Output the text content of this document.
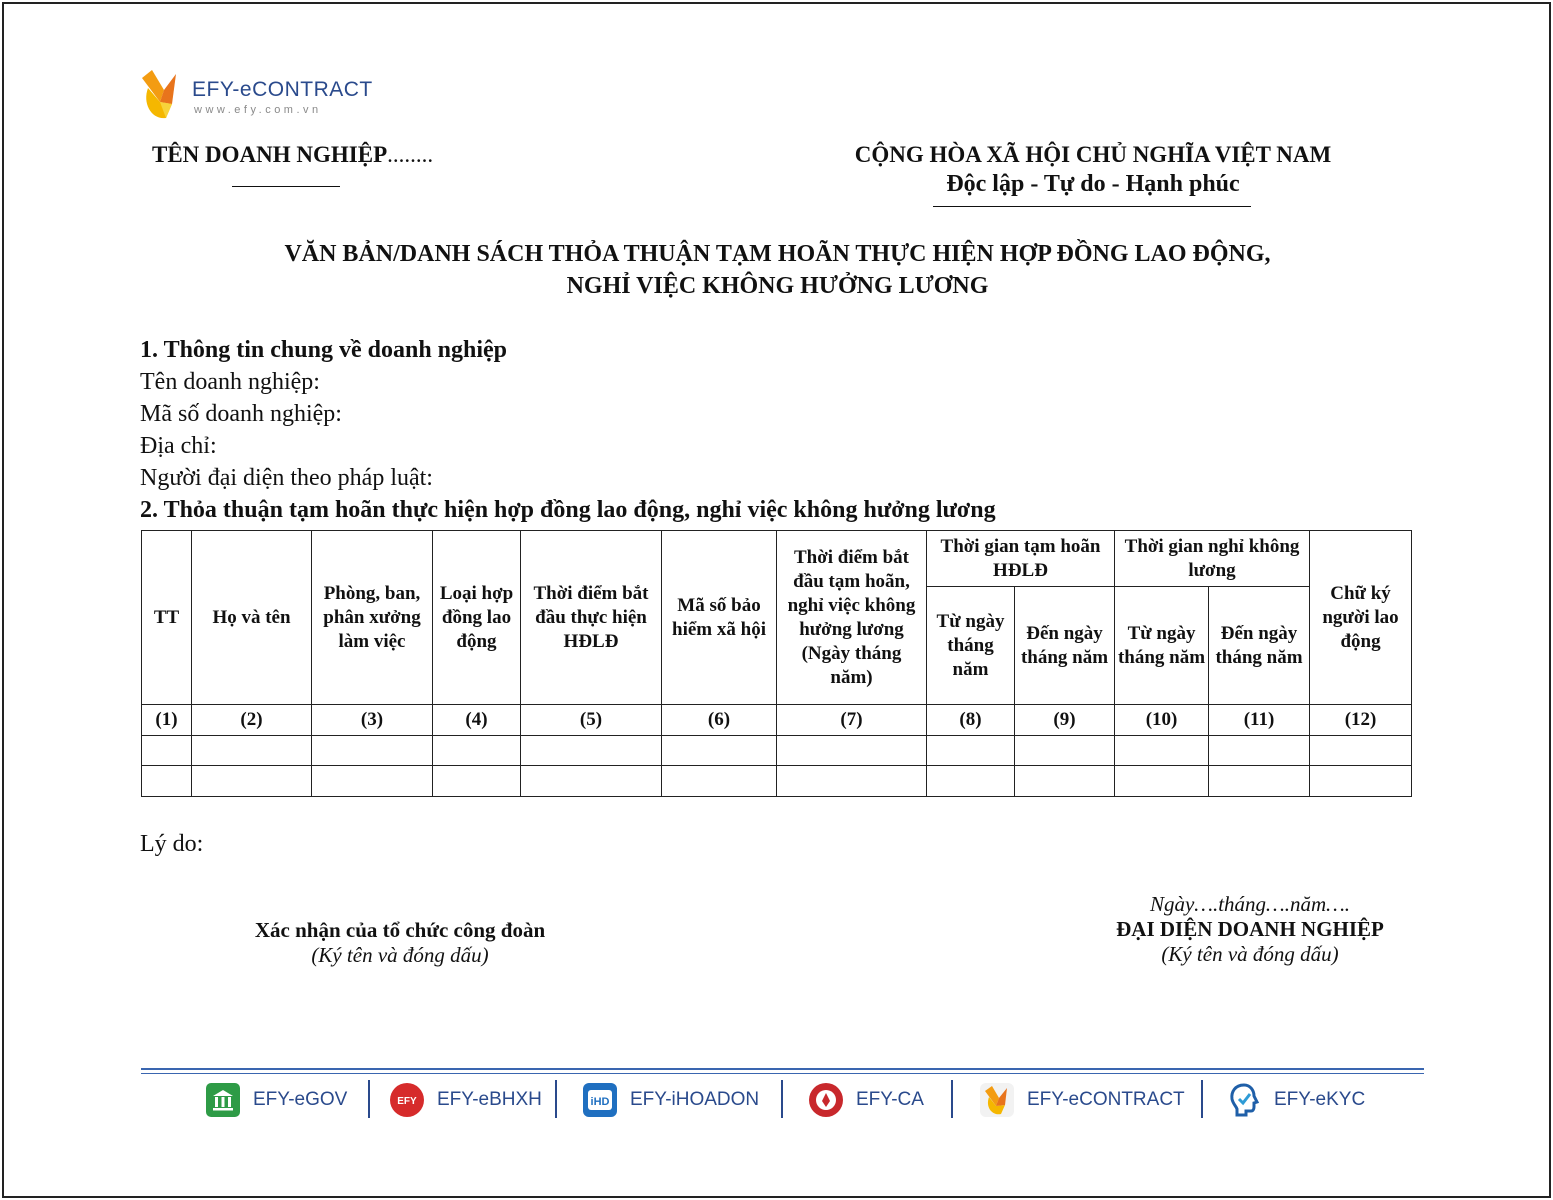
EFY-eCONTRACT
www.efy.com.vn
TÊN DOANH NGHIỆP........	CỘNG HÒA XÃ HỘI CHỦ NGHĨA VIỆT NAM
Độc lập - Tự do - Hạnh phúc
VĂN BẢN/DANH SÁCH THỎA THUẬN TẠM HOÃN THỰC HIỆN HỢP ĐỒNG LAO ĐỘNG,
NGHỈ VIỆC KHÔNG HƯỞNG LƯƠNG
1. Thông tin chung về doanh nghiệp
Tên doanh nghiệp:
Mã số doanh nghiệp:
Địa chỉ:
Người đại diện theo pháp luật:
2. Thỏa thuận tạm hoãn thực hiện hợp đồng lao động, nghỉ việc không hưởng lương
TT	Họ và tên	Phòng, ban, phân xưởng làm việc	Loại hợp đồng lao động	Thời điểm bắt đầu thực hiện HĐLĐ	Mã số bảo hiểm xã hội	Thời điểm bắt đầu tạm hoãn, nghỉ việc không hưởng lương (Ngày tháng năm)	Thời gian tạm hoãn HĐLĐ		Thời gian nghỉ không lương		Chữ ký người lao động
							Từ ngày tháng năm	Đến ngày tháng năm	Từ ngày tháng năm	Đến ngày tháng năm	
(1)	(2)	(3)	(4)	(5)	(6)	(7)	(8)	(9)	(10)	(11)	(12)

Lý do:
Xác nhận của tổ chức công đoàn
(Ký tên và đóng dấu)
Ngày….tháng….năm….
ĐẠI DIỆN DOANH NGHIỆP
(Ký tên và đóng dấu)
EFY-eGOV	EFY EFY-eBHXH	iHD EFY-iHOADON	EFY-CA	EFY-eCONTRACT	EFY-eKYC
